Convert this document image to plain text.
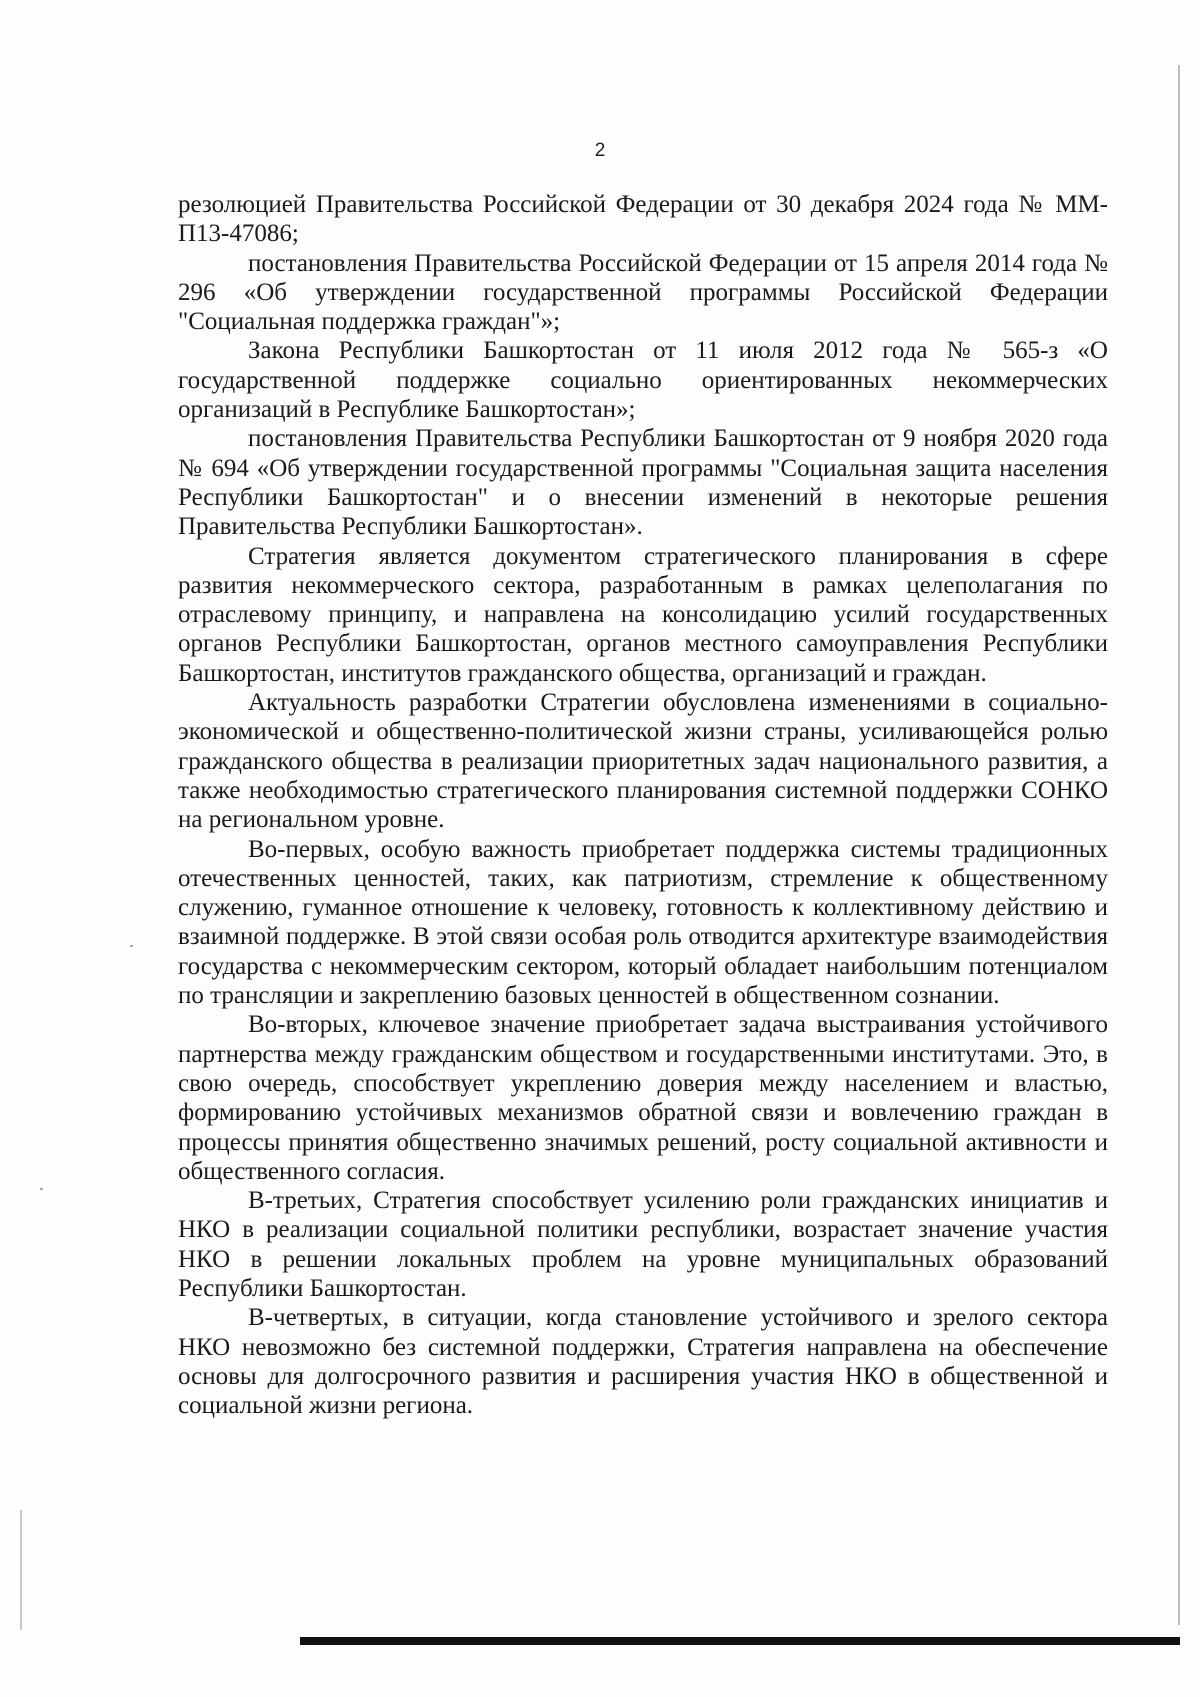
2

резолюцией Правительства Российской Федерации от 30 декабря 2024 года № ММ-П13-47086;

постановления Правительства Российской Федерации от 15 апреля 2014 года № 296 «Об утверждении государственной программы Российской Федерации "Социальная поддержка граждан"»;

Закона Республики Башкортостан от 11 июля 2012 года № 565-з «О государственной поддержке социально ориентированных некоммерческих организаций в Республике Башкортостан»;

постановления Правительства Республики Башкортостан от 9 ноября 2020 года № 694 «Об утверждении государственной программы "Социальная защита населения Республики Башкортостан" и о внесении изменений в некоторые решения Правительства Республики Башкортостан».

Стратегия является документом стратегического планирования в сфере развития некоммерческого сектора, разработанным в рамках целеполагания по отраслевому принципу, и направлена на консолидацию усилий государственных органов Республики Башкортостан, органов местного самоуправления Республики Башкортостан, институтов гражданского общества, организаций и граждан.

Актуальность разработки Стратегии обусловлена изменениями в социально-экономической и общественно-политической жизни страны, усиливающейся ролью гражданского общества в реализации приоритетных задач национального развития, а также необходимостью стратегического планирования системной поддержки СОНКО на региональном уровне.

Во-первых, особую важность приобретает поддержка системы традиционных отечественных ценностей, таких, как патриотизм, стремление к общественному служению, гуманное отношение к человеку, готовность к коллективному действию и взаимной поддержке. В этой связи особая роль отводится архитектуре взаимодействия государства с некоммерческим сектором, который обладает наибольшим потенциалом по трансляции и закреплению базовых ценностей в общественном сознании.

Во-вторых, ключевое значение приобретает задача выстраивания устойчивого партнерства между гражданским обществом и государственными институтами. Это, в свою очередь, способствует укреплению доверия между населением и властью, формированию устойчивых механизмов обратной связи и вовлечению граждан в процессы принятия общественно значимых решений, росту социальной активности и общественного согласия.

В-третьих, Стратегия способствует усилению роли гражданских инициатив и НКО в реализации социальной политики республики, возрастает значение участия НКО в решении локальных проблем на уровне муниципальных образований Республики Башкортостан.

В-четвертых, в ситуации, когда становление устойчивого и зрелого сектора НКО невозможно без системной поддержки, Стратегия направлена на обеспечение основы для долгосрочного развития и расширения участия НКО в общественной и социальной жизни региона.
